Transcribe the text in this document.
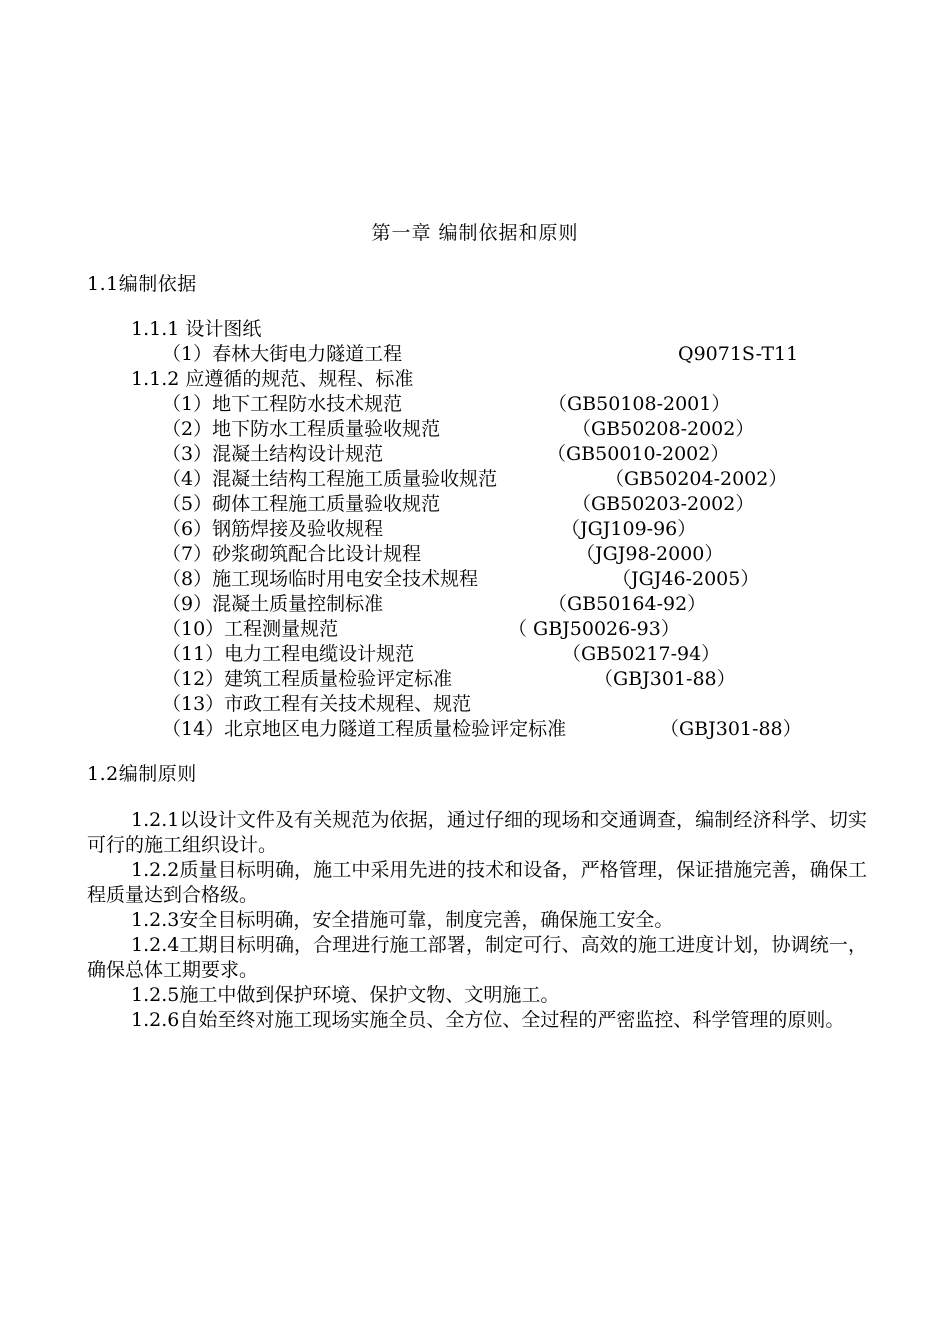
第一章 编制依据和原则
1.1编制依据
1.1.1 设计图纸
（1）春林大街电力隧道工程	Q9071S-T11
1.1.2 应遵循的规范、规程、标准
（1）地下工程防水技术规范	（GB50108-2001）
（2）地下防水工程质量验收规范	（GB50208-2002）
（3）混凝土结构设计规范	（GB50010-2002）
（4）混凝土结构工程施工质量验收规范	（GB50204-2002）
（5）砌体工程施工质量验收规范	（GB50203-2002）
（6）钢筋焊接及验收规程	（JGJ109-96）
（7）砂浆砌筑配合比设计规程	（JGJ98-2000）
（8）施工现场临时用电安全技术规程	（JGJ46-2005）
（9）混凝土质量控制标准	（GB50164-92）
（10）工程测量规范	（ GBJ50026-93）
（11）电力工程电缆设计规范	（GB50217-94）
（12）建筑工程质量检验评定标准	（GBJ301-88）
（13）市政工程有关技术规程、规范
（14）北京地区电力隧道工程质量检验评定标准	（GBJ301-88）
1.2编制原则
1.2.1以设计文件及有关规范为依据，通过仔细的现场和交通调查，编制经济科学、切实可行的施工组织设计。
1.2.2质量目标明确，施工中采用先进的技术和设备，严格管理，保证措施完善，确保工程质量达到合格级。
1.2.3安全目标明确，安全措施可靠，制度完善，确保施工安全。
1.2.4工期目标明确，合理进行施工部署，制定可行、高效的施工进度计划，协调统一，确保总体工期要求。
1.2.5施工中做到保护环境、保护文物、文明施工。
1.2.6自始至终对施工现场实施全员、全方位、全过程的严密监控、科学管理的原则。
